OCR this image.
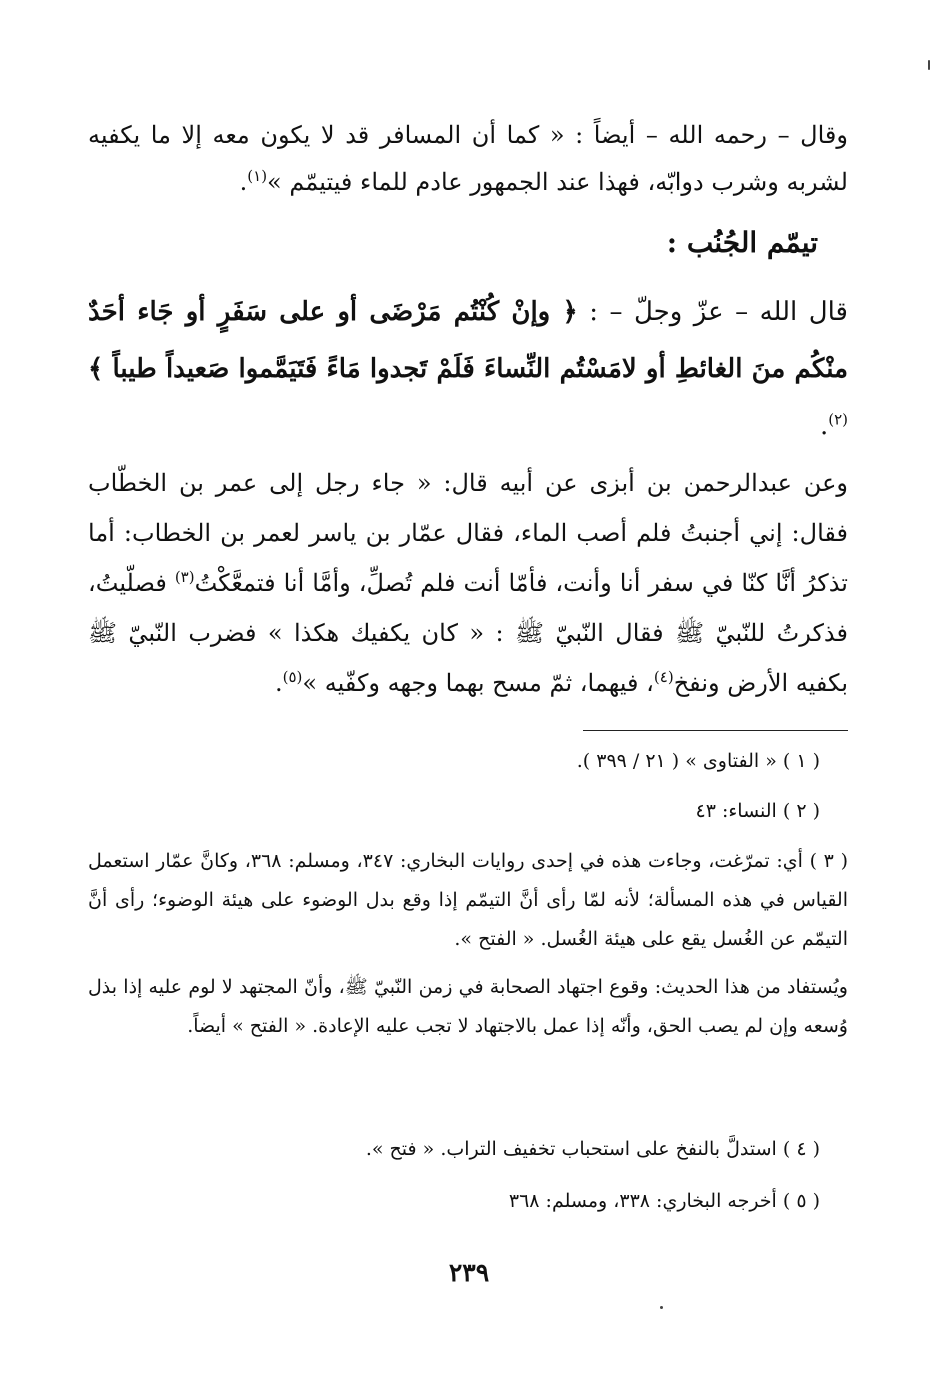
وقال – رحمه الله – أيضاً : « كما أن المسافر قد لا يكون معه إلا ما يكفيه لشربه وشرب دوابّه، فهذا عند الجمهور عادم للماء فيتيمّم »$^{(١)}$.

تيمّم الجُنُب :

قال الله – عزّ وجلّ – : ﴿ وإنْ كُنْتُم مَرْضَى أو على سَفَرٍ أو جَاء أحَدٌ منْكُم منَ الغائطِ أو لامَسْتُم النِّساءَ فَلَمْ تَجدوا مَاءً فَتَيَمَّموا صَعيداً طيباً ﴾$^{(٢)}$.

وعن عبدالرحمن بن أبزى عن أبيه قال: « جاء رجل إلى عمر بن الخطّاب فقال: إني أجنبتُ فلم أصب الماء، فقال عمّار بن ياسر لعمر بن الخطاب: أما تذكرُ أنَّا كنّا في سفر أنا وأنت، فأمّا أنت فلم تُصلِّ، وأمَّا أنا فتمعَّكْتُ$^{(٣)}$ فصلّيتُ، فذكرتُ للنّبيّ ﷺ فقال النّبيّ ﷺ : « كان يكفيك هكذا » فضرب النّبيّ ﷺ بكفيه الأرض ونفخ$^{(٤)}$، فيهما، ثمّ مسح بهما وجهه وكفّيه »$^{(٥)}$.

( ١ ) « الفتاوى » ( ٢١ / ٣٩٩ ).

( ٢ ) النساء: ٤٣

( ٣ ) أي: تمرّغت، وجاءت هذه في إحدى روايات البخاري: ٣٤٧، ومسلم: ٣٦٨، وكانَّ عمّار استعمل القياس في هذه المسألة؛ لأنه لمّا رأى أنَّ التيمّم إذا وقع بدل الوضوء على هيئة الوضوء؛ رأى أنَّ التيمّم عن الغُسل يقع على هيئة الغُسل. « الفتح ».

ويُستفاد من هذا الحديث: وقوع اجتهاد الصحابة في زمن النّبيّ ﷺ، وأنّ المجتهد لا لوم عليه إذا بذل وُسعه وإن لم يصب الحق، وأنّه إذا عمل بالاجتهاد لا تجب عليه الإعادة. « الفتح » أيضاً.

( ٤ ) استدلَّ بالنفخ على استحباب تخفيف التراب. « فتح ».

( ٥ ) أخرجه البخاري: ٣٣٨، ومسلم: ٣٦٨

٢٣٩
